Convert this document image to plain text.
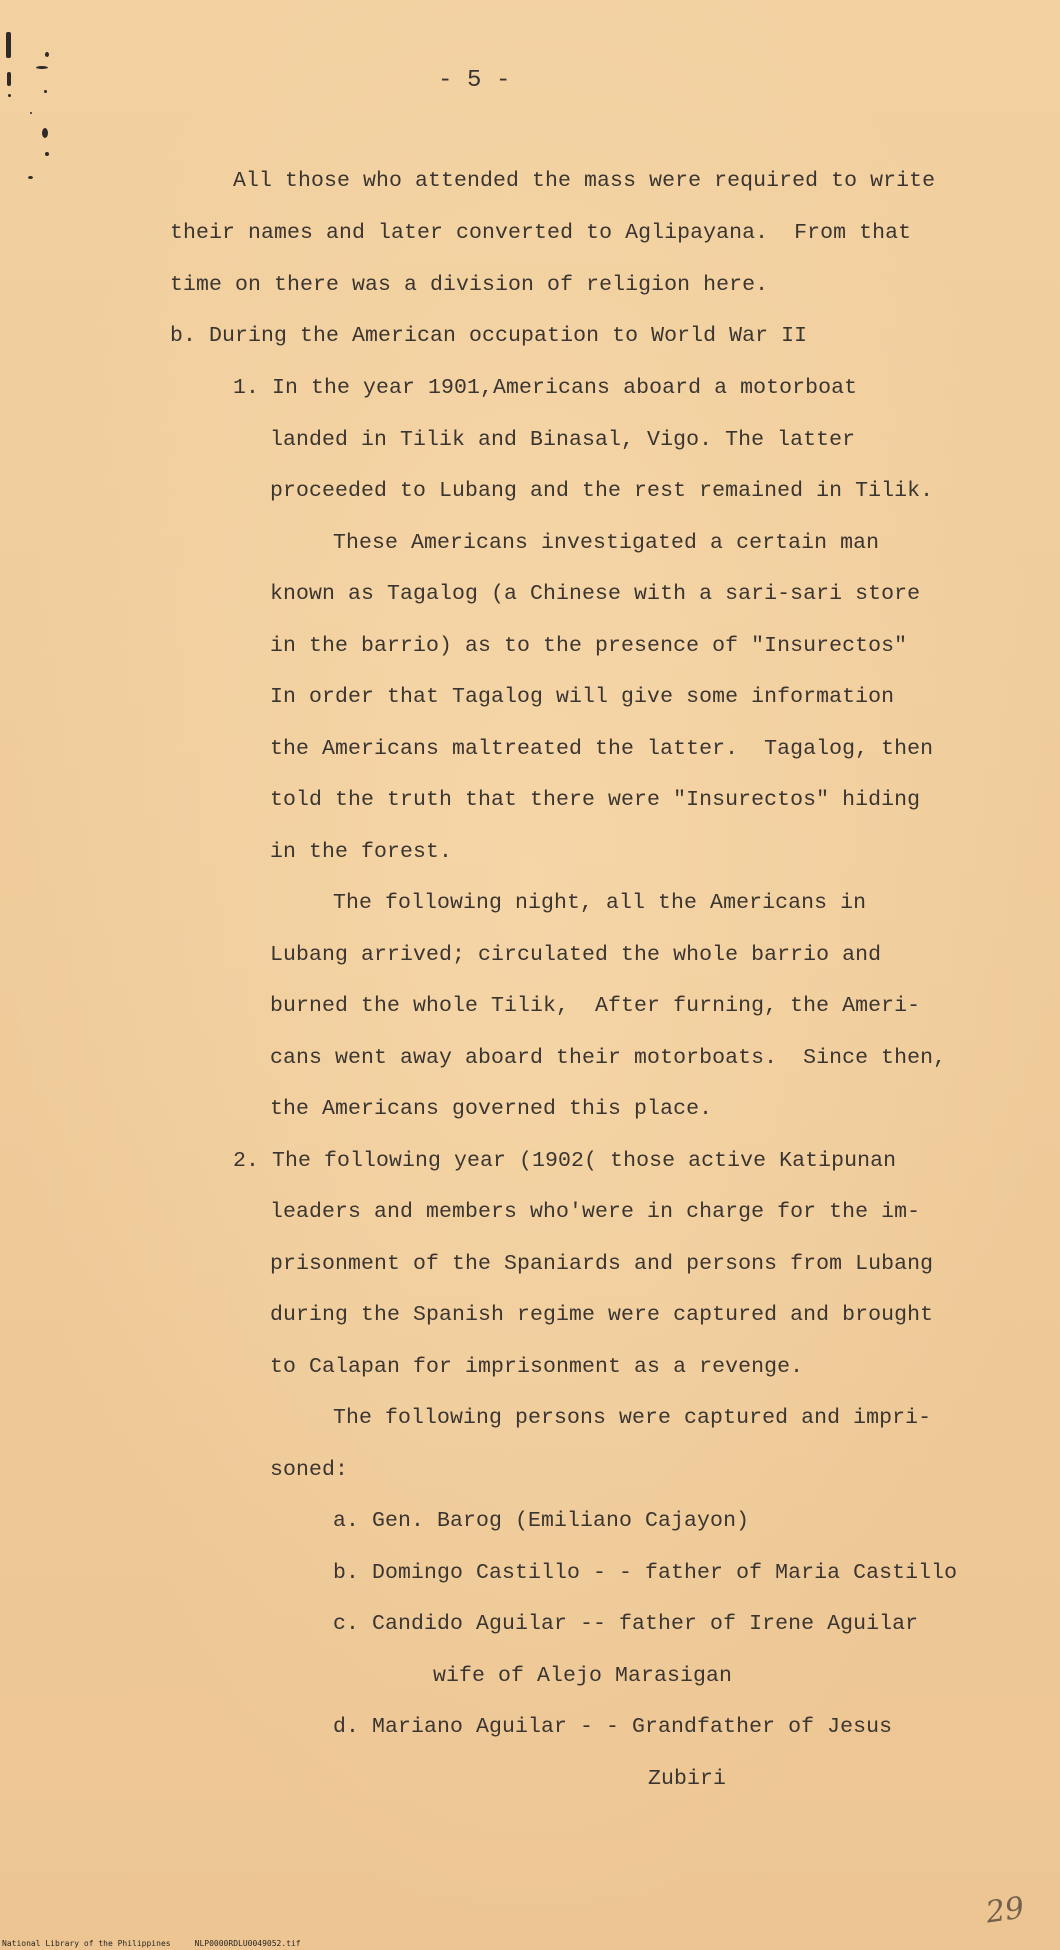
- 5 -
All those who attended the mass were required to write
their names and later converted to Aglipayana.  From that
time on there was a division of religion here.
b. During the American occupation to World War II
1. In the year 1901,Americans aboard a motorboat
landed in Tilik and Binasal, Vigo. The latter
proceeded to Lubang and the rest remained in Tilik.
These Americans investigated a certain man
known as Tagalog (a Chinese with a sari-sari store
in the barrio) as to the presence of "Insurectos"
In order that Tagalog will give some information
the Americans maltreated the latter.  Tagalog, then
told the truth that there were "Insurectos" hiding
in the forest.
The following night, all the Americans in
Lubang arrived; circulated the whole barrio and
burned the whole Tilik,  After furning, the Ameri-
cans went away aboard their motorboats.  Since then,
the Americans governed this place.
2. The following year (1902( those active Katipunan
leaders and members who'were in charge for the im-
prisonment of the Spaniards and persons from Lubang
during the Spanish regime were captured and brought
to Calapan for imprisonment as a revenge.
The following persons were captured and impri-
soned:
a. Gen. Barog (Emiliano Cajayon)
b. Domingo Castillo - - father of Maria Castillo
c. Candido Aguilar -- father of Irene Aguilar
wife of Alejo Marasigan
d. Mariano Aguilar - - Grandfather of Jesus
Zubiri
National Library of the Philippines     NLP0000RDLU0049052.tif
29
